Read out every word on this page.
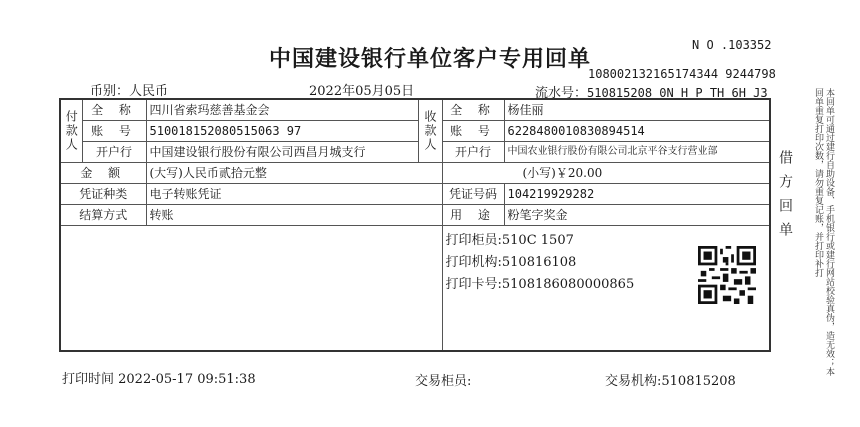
N O .103352
中国建设银行单位客户专用回单
币别：人民币	2022年05月05日
108002132165174344 9244798
流水号：510815208 0N H P TH 6H J3
付款人	全 称	四川省索玛慈善基金会	收款人	全 称	杨佳丽
	账 号	510018152080515063 97		账 号	6228480010830894514
	开户行	中国建设银行股份有限公司西昌月城支行		开户行	中国农业银行股份有限公司北京平谷支行营业部
金 额		(大写)人民币贰拾元整		(小写)￥20.00	
凭证种类		电子转账凭证		凭证号码	104219929282
结算方式		转账		用 途	粉笔字奖金

				打印柜员:510C 1507
打印机构:510816108
打印卡号:5108186080000865	
打印时间 2022-05-17 09:51:38	交易柜员:	交易机构:510815208
借方回单	本回单可通过建行自助设备、手机银行或建行网站校验真伪，造无效；本回单重复打印次数，请勿重复记账，并打印补打
